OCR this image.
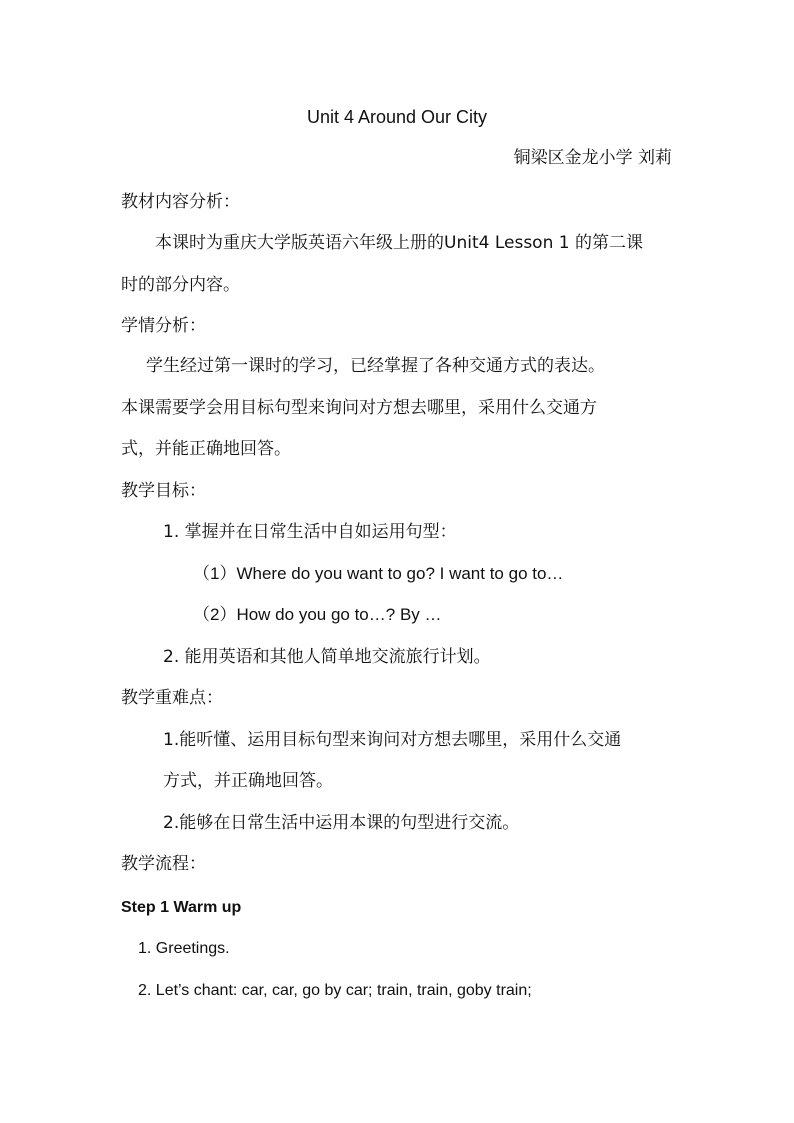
Unit 4 Around Our City
铜梁区金龙小学 刘莉
教材内容分析：
本课时为重庆大学版英语六年级上册的Unit4 Lesson 1 的第二课
时的部分内容。
学情分析：
学生经过第一课时的学习，已经掌握了各种交通方式的表达。
本课需要学会用目标句型来询问对方想去哪里，采用什么交通方
式，并能正确地回答。
教学目标：
1. 掌握并在日常生活中自如运用句型：
（1）Where do you want to go? I want to go to…
（2）How do you go to…? By …
2. 能用英语和其他人简单地交流旅行计划。
教学重难点：
1.能听懂、运用目标句型来询问对方想去哪里，采用什么交通
方式，并正确地回答。
2.能够在日常生活中运用本课的句型进行交流。
教学流程：
Step 1 Warm up
1. Greetings.
2. Let’s chant: car, car, go by car; train, train, goby train;
